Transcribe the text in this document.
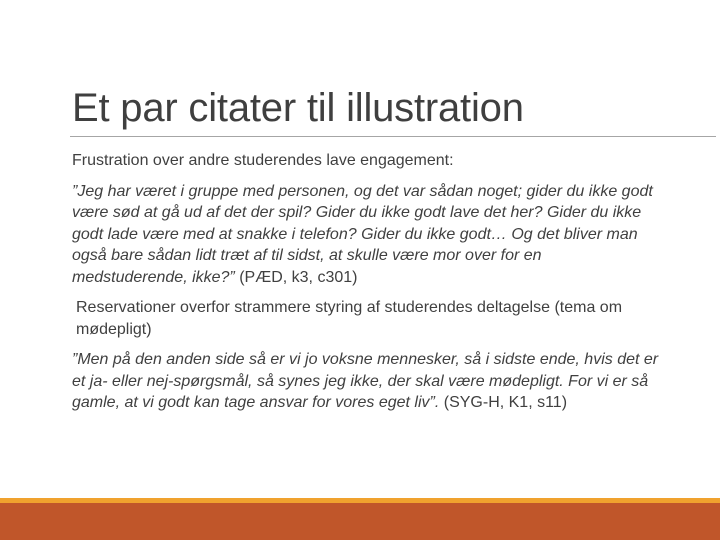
Et par citater til illustration

Frustration over andre studerendes lave engagement:

”Jeg har været i gruppe med personen, og det var sådan noget; gider du ikke godt være sød at gå ud af det der spil? Gider du ikke godt lave det her? Gider du ikke godt lade være med at snakke i telefon? Gider du ikke godt… Og det bliver man også bare sådan lidt træt af til sidst, at skulle være mor over for en medstuderende, ikke?” (PÆD, k3, c301)

Reservationer overfor strammere styring af studerendes deltagelse (tema om mødepligt)

”Men på den anden side så er vi jo voksne mennesker, så i sidste ende, hvis det er et ja- eller nej-spørgsmål, så synes jeg ikke, der skal være mødepligt. For vi er så gamle, at vi godt kan tage ansvar for vores eget liv”. (SYG-H, K1, s11)
